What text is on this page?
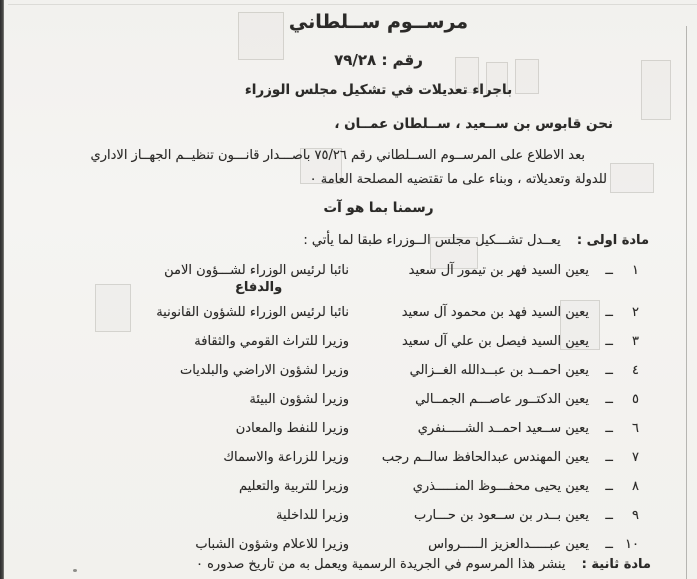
مرســوم ســلطاني
رقم : ٧٩/٢٨
باجراء تعديلات في تشكيل مجلس الوزراء
نحن قابوس بن ســعيد ، ســلطان عمــان ،
بعد الاطلاع على المرســوم الســلطاني رقم ٧٥/٢٦ باصـــدار قانـــون تنظيــم الجهــاز الاداري
للدولة وتعديلاته ، وبناء على ما تقتضيه المصلحة العامة ٠
رسمنا بما هو آت
مادة اولى : يعــدل تشـــكيل مجلس الــوزراء طبقا لما يأتي :
١
ــ
يعين السيد فهر بن تيمور آل سعيد
نائبا لرئيس الوزراء لشـــؤون الامن
والدفاع
٢
ــ
يعين السيد فهد بن محمود آل سعيد
نائبا لرئيس الوزراء للشؤون القانونية
٣
ــ
يعين السيد فيصل بن علي آل سعيد
وزيرا للتراث القومي والثقافة
٤
ــ
يعين احمــد بن عبــدالله الغــزالي
وزيرا لشؤون الاراضي والبلديات
٥
ــ
يعين الدكتــور عاصـــم الجمــالي
وزيرا لشؤون البيئة
٦
ــ
يعين ســعيد احمــد الشـــــنفري
وزيرا للنفط والمعادن
٧
ــ
يعين المهندس عبدالحافظ سالــم رجب
وزيرا للزراعة والاسماك
٨
ــ
يعين يحيى محفـــوظ المنـــــذري
وزيرا للتربية والتعليم
٩
ــ
يعين بــدر بن ســعود بن حـــارب
وزيرا للداخلية
١٠
ــ
يعين عبـــــدالعزيز الـــــرواس
وزيرا للاعلام وشؤون الشباب
مادة ثانية : ينشر هذا المرسوم في الجريدة الرسمية ويعمل به من تاريخ صدوره ٠
